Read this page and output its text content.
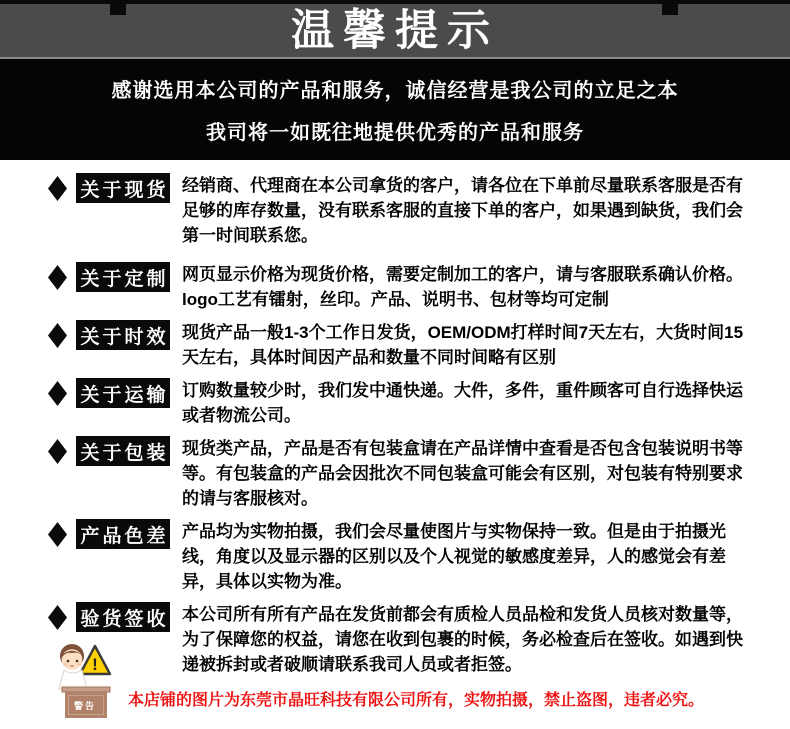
温馨提示
感谢选用本公司的产品和服务，诚信经营是我公司的立足之本
我司将一如既往地提供优秀的产品和服务
关于现货 经销商、代理商在本公司拿货的客户，请各位在下单前尽量联系客服是否有足够的库存数量，没有联系客服的直接下单的客户，如果遇到缺货，我们会第一时间联系您。
关于定制 网页显示价格为现货价格，需要定制加工的客户，请与客服联系确认价格。logo工艺有镭射，丝印。产品、说明书、包材等均可定制
关于时效 现货产品一般1-3个工作日发货，OEM/ODM打样时间7天左右，大货时间15天左右，具体时间因产品和数量不同时间略有区别
关于运输 订购数量较少时，我们发中通快递。大件，多件，重件顾客可自行选择快运或者物流公司。
关于包装 现货类产品，产品是否有包装盒请在产品详情中查看是否包含包装说明书等等。有包装盒的产品会因批次不同包装盒可能会有区别，对包装有特别要求的请与客服核对。
产品色差 产品均为实物拍摄，我们会尽量使图片与实物保持一致。但是由于拍摄光线，角度以及显示器的区别以及个人视觉的敏感度差异，人的感觉会有差异，具体以实物为准。
验货签收 本公司所有所有产品在发货前都会有质检人员品检和发货人员核对数量等，为了保障您的权益，请您在收到包裹的时候，务必检查后在签收。如遇到快递被拆封或者破顺请联系我司人员或者拒签。
!
警告	本店铺的图片为东莞市晶旺科技有限公司所有，实物拍摄，禁止盗图，违者必究。
